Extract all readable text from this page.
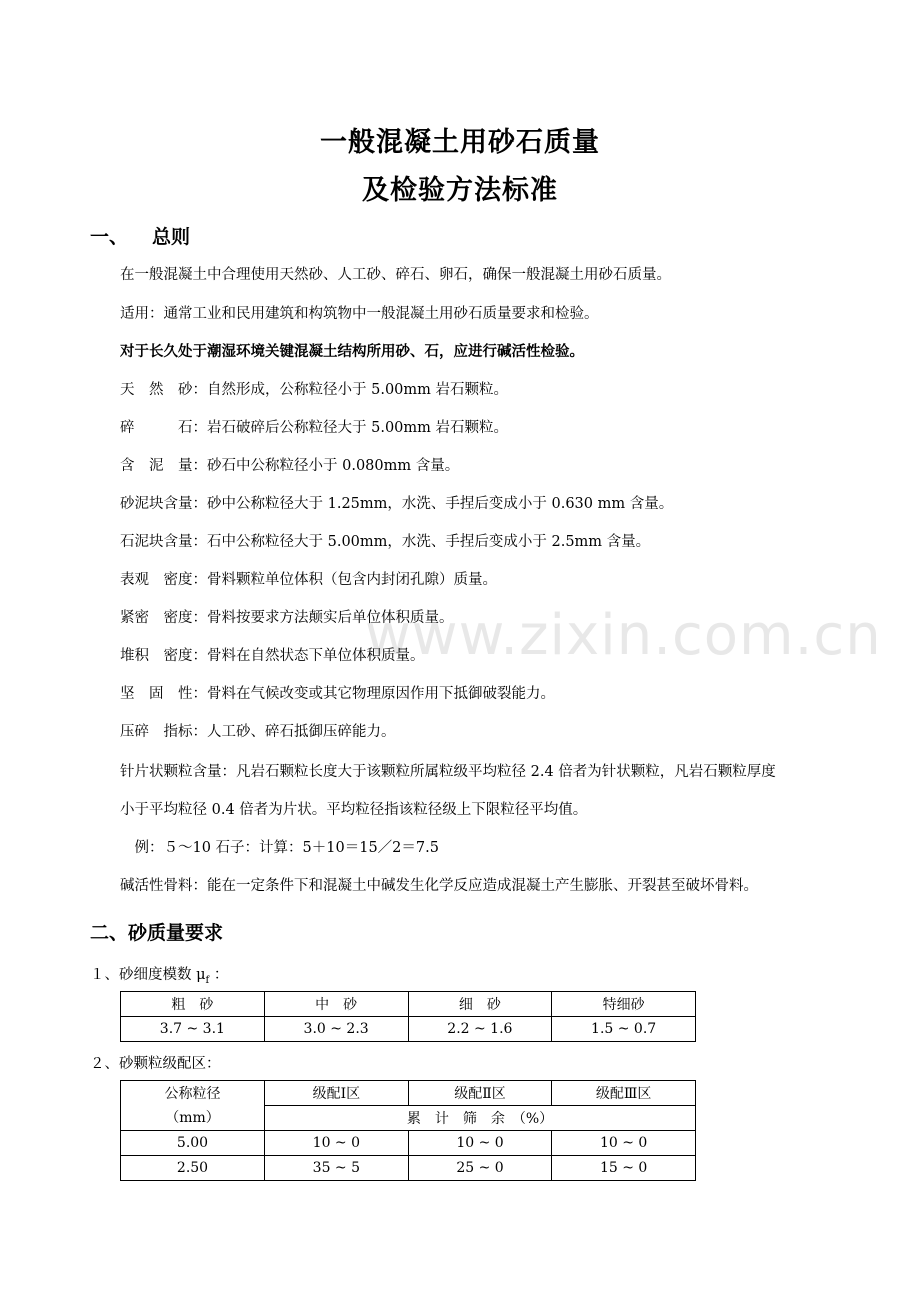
www.zixin.com.cn
一般混凝土用砂石质量
及检验方法标准
一、 总则
在一般混凝土中合理使用天然砂、人工砂、碎石、卵石，确保一般混凝土用砂石质量。
适用：通常工业和民用建筑和构筑物中一般混凝土用砂石质量要求和检验。
对于长久处于潮湿环境关键混凝土结构所用砂、石，应进行碱活性检验。
天　然　砂：自然形成，公称粒径小于 5.00mm 岩石颗粒。
碎　　　石：岩石破碎后公称粒径大于 5.00mm 岩石颗粒。
含　泥　量：砂石中公称粒径小于 0.080mm 含量。
砂泥块含量：砂中公称粒径大于 1.25mm，水洗、手捏后变成小于 0.630 mm 含量。
石泥块含量：石中公称粒径大于 5.00mm，水洗、手捏后变成小于 2.5mm 含量。
表观　密度：骨料颗粒单位体积（包含内封闭孔隙）质量。
紧密　密度：骨料按要求方法颠实后单位体积质量。
堆积　密度：骨料在自然状态下单位体积质量。
坚　固　性：骨料在气候改变或其它物理原因作用下抵御破裂能力。
压碎　指标：人工砂、碎石抵御压碎能力。
针片状颗粒含量：凡岩石颗粒长度大于该颗粒所属粒级平均粒径 2.4 倍者为针状颗粒，凡岩石颗粒厚度
小于平均粒径 0.4 倍者为片状。平均粒径指该粒径级上下限粒径平均值。
　例：５～10 石子：计算：5＋10＝15／2＝7.5
碱活性骨料：能在一定条件下和混凝土中碱发生化学反应造成混凝土产生膨胀、开裂甚至破坏骨料。
二、砂质量要求
１、砂细度模数 $\mu_f$ ：
粗　砂	中　砂	细　砂	特细砂
3.7 ~ 3.1	3.0 ~ 2.3	2.2 ~ 1.6	1.5 ~ 0.7
２、砂颗粒级配区：
公称粒径
（mm）	级配Ⅰ区	级配Ⅱ区	级配Ⅲ区
	累　计　筛　余　（%）		
5.00	10 ~ 0	10 ~ 0	10 ~ 0
2.50	35 ~ 5	25 ~ 0	15 ~ 0
